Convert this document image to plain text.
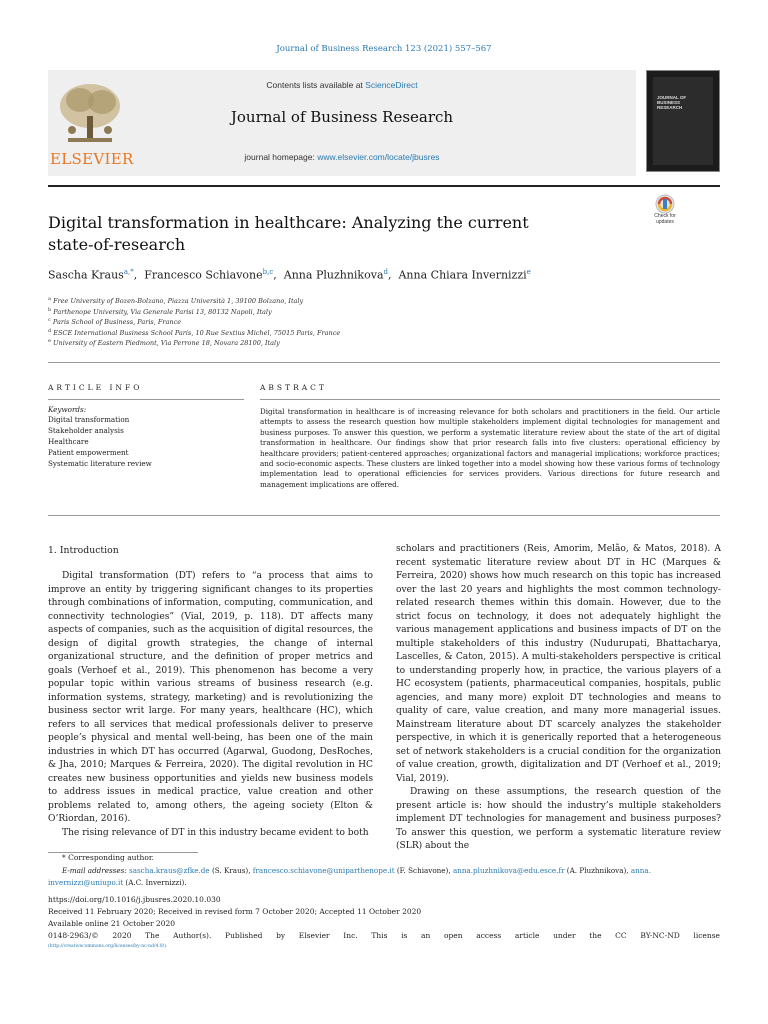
Journal of Business Research 123 (2021) 557–567
ELSEVIER
Contents lists available at ScienceDirect
Journal of Business Research
journal homepage: www.elsevier.com/locate/jbusres
JOURNAL OF
BUSINESS
RESEARCH
Digital transformation in healthcare: Analyzing the current state-of-research
Check for updates
Sascha Kraus$^{a,*}$,  Francesco Schiavone$^{b,c}$,  Anna Pluzhnikova$^d$,  Anna Chiara Invernizzi$^e$
$^a$ Free University of Bozen-Bolzano, Piazza Università 1, 39100 Bolzano, Italy
$^b$ Parthenope University, Via Generale Parisi 13, 80132 Napoli, Italy
$^c$ Paris School of Business, Paris, France
$^d$ ESCE International Business School Paris, 10 Rue Sextius Michel, 75015 Paris, France
$^e$ University of Eastern Piedmont, Via Perrone 18, Novara 28100, Italy
ARTICLE INFO
Keywords:
Digital transformation
Stakeholder analysis
Healthcare
Patient empowerment
Systematic literature review
ABSTRACT
Digital transformation in healthcare is of increasing relevance for both scholars and practitioners in the field. Our article attempts to assess the research question how multiple stakeholders implement digital technologies for management and business purposes. To answer this question, we perform a systematic literature review about the state of the art of digital transformation in healthcare. Our findings show that prior research falls into five clusters: operational efficiency by healthcare providers; patient-centered approaches; organizational factors and managerial implications; workforce practices; and socio-economic aspects. These clusters are linked together into a model showing how these various forms of technology implementation lead to operational efficiencies for services providers. Various directions for future research and management implications are offered.
1. Introduction

Digital transformation (DT) refers to “a process that aims to improve an entity by triggering significant changes to its properties through combinations of information, computing, communication, and connectivity technologies” (Vial, 2019, p. 118). DT affects many aspects of companies, such as the acquisition of digital resources, the design of digital growth strategies, the change of internal organizational structure, and the definition of proper metrics and goals (Verhoef et al., 2019). This phenomenon has become a very popular topic within various streams of business research (e.g. information systems, strategy, marketing) and is revolutionizing the business sector writ large. For many years, healthcare (HC), which refers to all services that medical professionals deliver to preserve people’s physical and mental well-being, has been one of the main industries in which DT has occurred (Agarwal, Guodong, DesRoches, & Jha, 2010; Marques & Ferreira, 2020). The digital revolution in HC creates new business opportunities and yields new business models to address issues in medical practice, value creation and other problems related to, among others, the ageing society (Elton & O’Riordan, 2016).

The rising relevance of DT in this industry became evident to both

scholars and practitioners (Reis, Amorim, Melão, & Matos, 2018). A recent systematic literature review about DT in HC (Marques & Ferreira, 2020) shows how much research on this topic has increased over the last 20 years and highlights the most common technology-related research themes within this domain. However, due to the strict focus on technology, it does not adequately highlight the various management applications and business impacts of DT on the multiple stakeholders of this industry (Nudurupati, Bhattacharya, Lascelles, & Caton, 2015). A multi-stakeholders perspective is critical to understanding properly how, in practice, the various players of a HC ecosystem (patients, pharmaceutical companies, hospitals, public agencies, and many more) exploit DT technologies and means to quality of care, value creation, and many more managerial issues. Mainstream literature about DT scarcely analyzes the stakeholder perspective, in which it is generically reported that a heterogeneous set of network stakeholders is a crucial condition for the organization of value creation, growth, digitalization and DT (Verhoef et al., 2019; Vial, 2019).

Drawing on these assumptions, the research question of the present article is: how should the industry’s multiple stakeholders implement DT technologies for management and business purposes? To answer this question, we perform a systematic literature review (SLR) about the

* Corresponding author.
E-mail addresses: sascha.kraus@zfke.de (S. Kraus), francesco.schiavone@uniparthenope.it (F. Schiavone), anna.pluzhnikova@edu.esce.fr (A. Pluzhnikova), anna.
invernizzi@uniupo.it (A.C. Invernizzi).
https://doi.org/10.1016/j.jbusres.2020.10.030
Received 11 February 2020; Received in revised form 7 October 2020; Accepted 11 October 2020
Available online 21 October 2020
0148-2963/© 2020 The Author(s). Published by Elsevier Inc. This is an open access article under the CC BY-NC-ND license
(http://creativecommons.org/licenses/by-nc-nd/4.0/).
